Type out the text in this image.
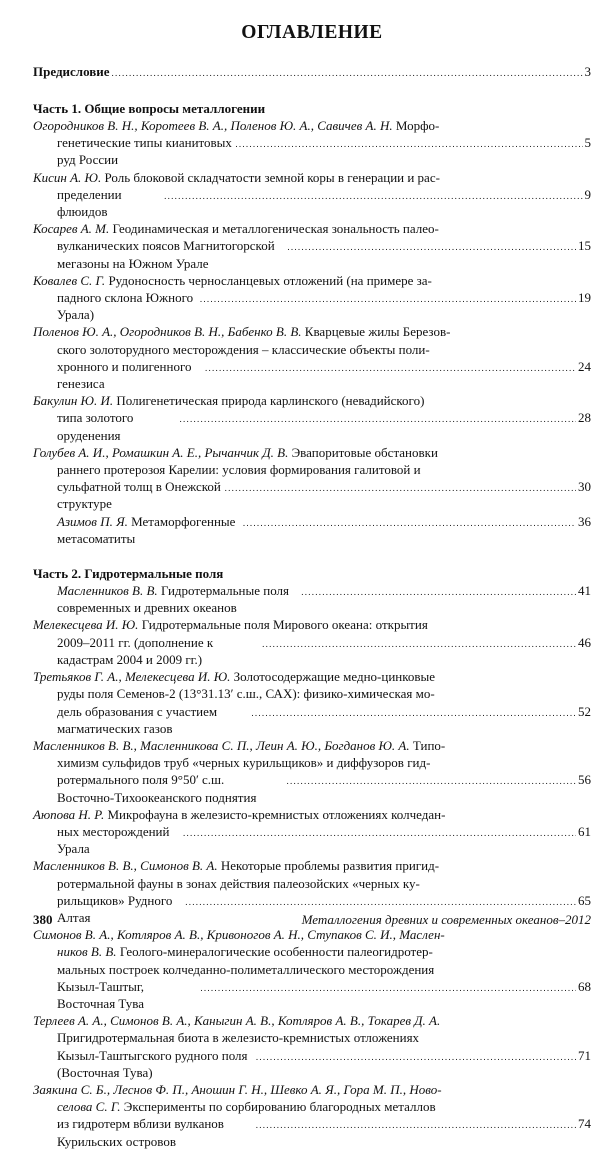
ОГЛАВЛЕНИЕ
Предисловие
. . .	3
Часть 1. Общие вопросы металлогении
Огородников В. Н., Коротеев В. А., Поленов Ю. А., Савичев А. Н. Морфо-
генетические типы кианитовых руд России
. . .
5
Кисин А. Ю. Роль блоковой складчатости земной коры в генерации и рас-
пределении флюидов
. . .
9
Косарев А. М. Геодинамическая и металлогеническая зональность палео-
вулканических поясов Магнитогорской мегазоны на Южном Урале
. . .
15
Ковалев С. Г. Рудоносность черносланцевых отложений (на примере за-
падного склона Южного Урала)
. . .
19
Поленов Ю. А., Огородников В. Н., Бабенко В. В. Кварцевые жилы Березов-
ского золоторудного месторождения – классические объекты поли-
хронного и полигенного генезиса
. . .
24
Бакулин Ю. И. Полигенетическая природа карлинского (невадийского)
типа золотого оруденения
. . .
28
Голубев А. И., Ромашкин А. Е., Рычанчик Д. В. Эвапоритовые обстановки
раннего протерозоя Карелии: условия формирования галитовой и
сульфатной толщ в Онежской структуре
. . .
30
Азимов П. Я. Метаморфогенные метасоматиты
. . .
36
Часть 2. Гидротермальные поля
Масленников В. В. Гидротермальные поля современных и древних океанов
. . .
41
Мелекесцева И. Ю. Гидротермальные поля Мирового океана: открытия
2009–2011 гг. (дополнение к кадастрам 2004 и 2009 гг.)
. . .
46
Третьяков Г. А., Мелекесцева И. Ю. Золотосодержащие медно-цинковые
руды поля Семенов-2 (13°31.13′ с.ш., САХ): физико-химическая мо-
дель образования с участием магматических газов
. . .
52
Масленников В. В., Масленникова С. П., Леин А. Ю., Богданов Ю. А. Типо-
химизм сульфидов труб «черных курильщиков» и диффузоров гид-
ротермального поля 9°50′ с.ш. Восточно-Тихоокеанского поднятия
. . .
56
Аюпова Н. Р. Микрофауна в железисто-кремнистых отложениях колчедан-
ных месторождений Урала
. . .
61
Масленников В. В., Симонов В. А. Некоторые проблемы развития пригид-
ротермальной фауны в зонах действия палеозойских «черных ку-
рильщиков» Рудного Алтая
. . .
65
Симонов В. А., Котляров А. В., Кривоногов А. Н., Ступаков С. И., Маслен-
ников В. В. Геолого-минералогические особенности палеогидротер-
мальных построек колчеданно-полиметаллического месторождения
Кызыл-Таштыг, Восточная Тува
. . .
68
Терлеев А. А., Симонов В. А., Каныгин А. В., Котляров А. В., Токарев Д. А.
Пригидротермальная биота в железисто-кремнистых отложениях
Кызыл-Таштыгского рудного поля (Восточная Тува)
. . .
71
Заякина С. Б., Леснов Ф. П., Аношин Г. Н., Шевко А. Я., Гора М. П., Ново-
селова С. Г. Эксперименты по сорбированию благородных металлов
из гидротерм вблизи вулканов Курильских островов
. . .
74
380	Металлогения древних и современных океанов–2012
